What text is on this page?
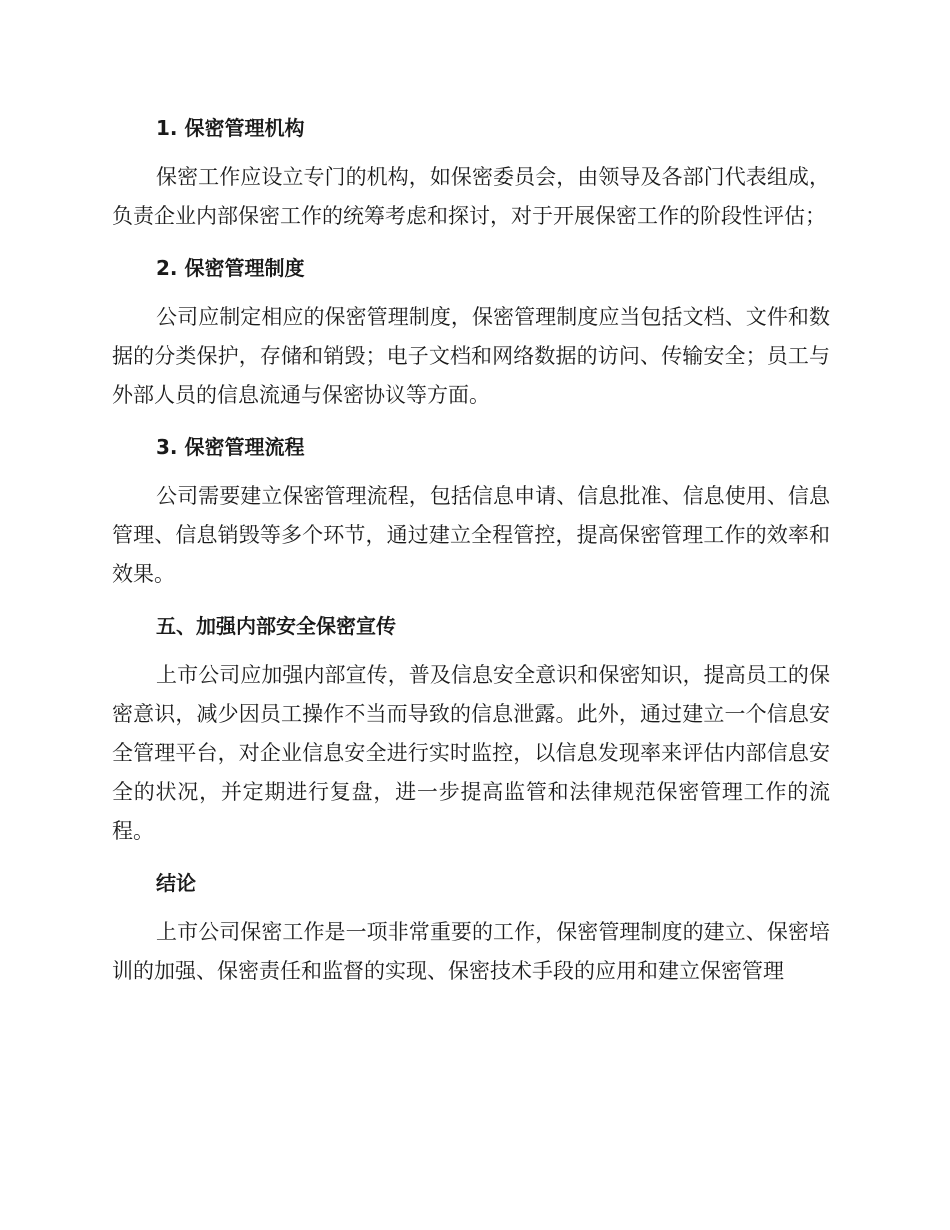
1. 保密管理机构

保密工作应设立专门的机构，如保密委员会，由领导及各部门代表组成，负责企业内部保密工作的统筹考虑和探讨，对于开展保密工作的阶段性评估；

2. 保密管理制度

公司应制定相应的保密管理制度，保密管理制度应当包括文档、文件和数据的分类保护，存储和销毁；电子文档和网络数据的访问、传输安全；员工与外部人员的信息流通与保密协议等方面。

3. 保密管理流程

公司需要建立保密管理流程，包括信息申请、信息批准、信息使用、信息管理、信息销毁等多个环节，通过建立全程管控，提高保密管理工作的效率和效果。

五、加强内部安全保密宣传

上市公司应加强内部宣传，普及信息安全意识和保密知识，提高员工的保密意识，减少因员工操作不当而导致的信息泄露。此外，通过建立一个信息安全管理平台，对企业信息安全进行实时监控，以信息发现率来评估内部信息安全的状况，并定期进行复盘，进一步提高监管和法律规范保密管理工作的流程。

结论

上市公司保密工作是一项非常重要的工作，保密管理制度的建立、保密培训的加强、保密责任和监督的实现、保密技术手段的应用和建立保密管理
